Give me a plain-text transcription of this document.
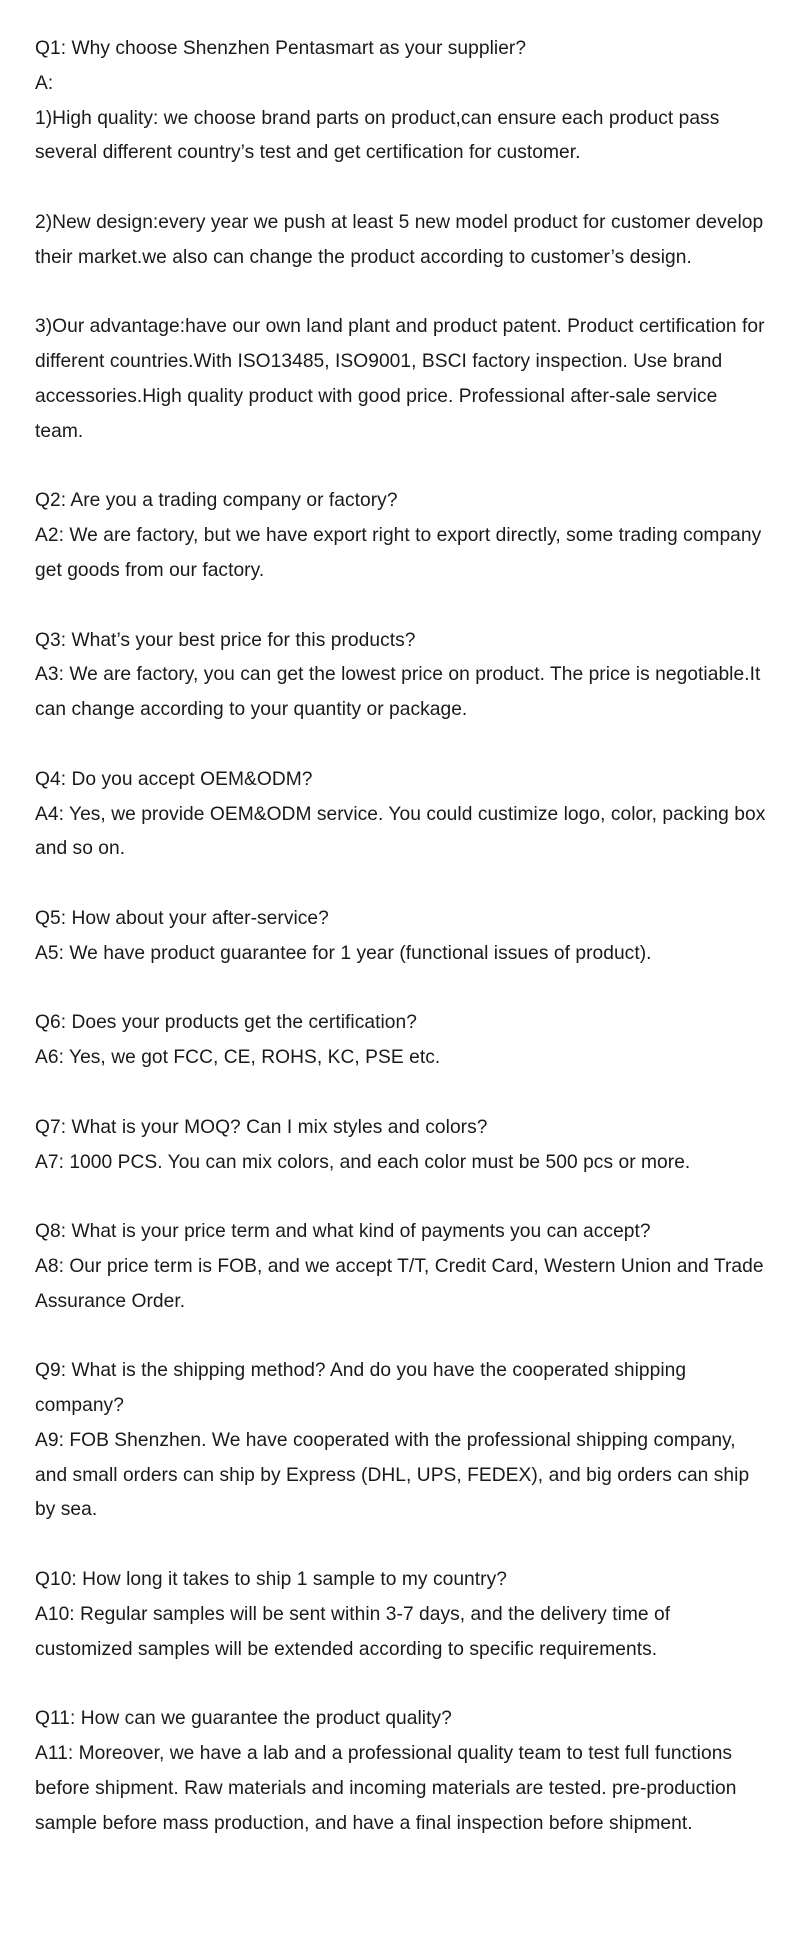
Q1: Why choose Shenzhen Pentasmart as your supplier?
A:
1)High quality: we choose brand parts on product,can ensure each product pass several different country’s test and get certification for customer.
2)New design:every year we push at least 5 new model product for customer develop their market.we also can change the product according to customer’s design.
3)Our advantage:have our own land plant and product patent. Product certification for different countries.With ISO13485, ISO9001, BSCI factory inspection. Use brand accessories.High quality product with good price. Professional after-sale service team.
Q2: Are you a trading company or factory?
A2: We are factory, but we have export right to export directly, some trading company get goods from our factory.
Q3: What’s your best price for this products?
A3: We are factory, you can get the lowest price on product. The price is negotiable.It can change according to your quantity or package.
Q4: Do you accept OEM&ODM?
A4: Yes, we provide OEM&ODM service. You could custimize logo, color, packing box and so on.
Q5: How about your after-service?
A5: We have product guarantee for 1 year (functional issues of product).
Q6: Does your products get the certification?
A6: Yes, we got FCC, CE, ROHS, KC, PSE etc.
Q7: What is your MOQ? Can I mix styles and colors?
A7: 1000 PCS. You can mix colors, and each color must be 500 pcs or more.
Q8: What is your price term and what kind of payments you can accept?
A8: Our price term is FOB, and we accept T/T, Credit Card, Western Union and Trade Assurance Order.
Q9: What is the shipping method? And do you have the cooperated shipping company?
A9: FOB Shenzhen. We have cooperated with the professional shipping company, and small orders can ship by Express (DHL, UPS, FEDEX), and big orders can ship by sea.
Q10: How long it takes to ship 1 sample to my country?
A10: Regular samples will be sent within 3-7 days, and the delivery time of customized samples will be extended according to specific requirements.
Q11: How can we guarantee the product quality?
A11: Moreover, we have a lab and a professional quality team to test full functions before shipment. Raw materials and incoming materials are tested. pre-production sample before mass production, and have a final inspection before shipment.
